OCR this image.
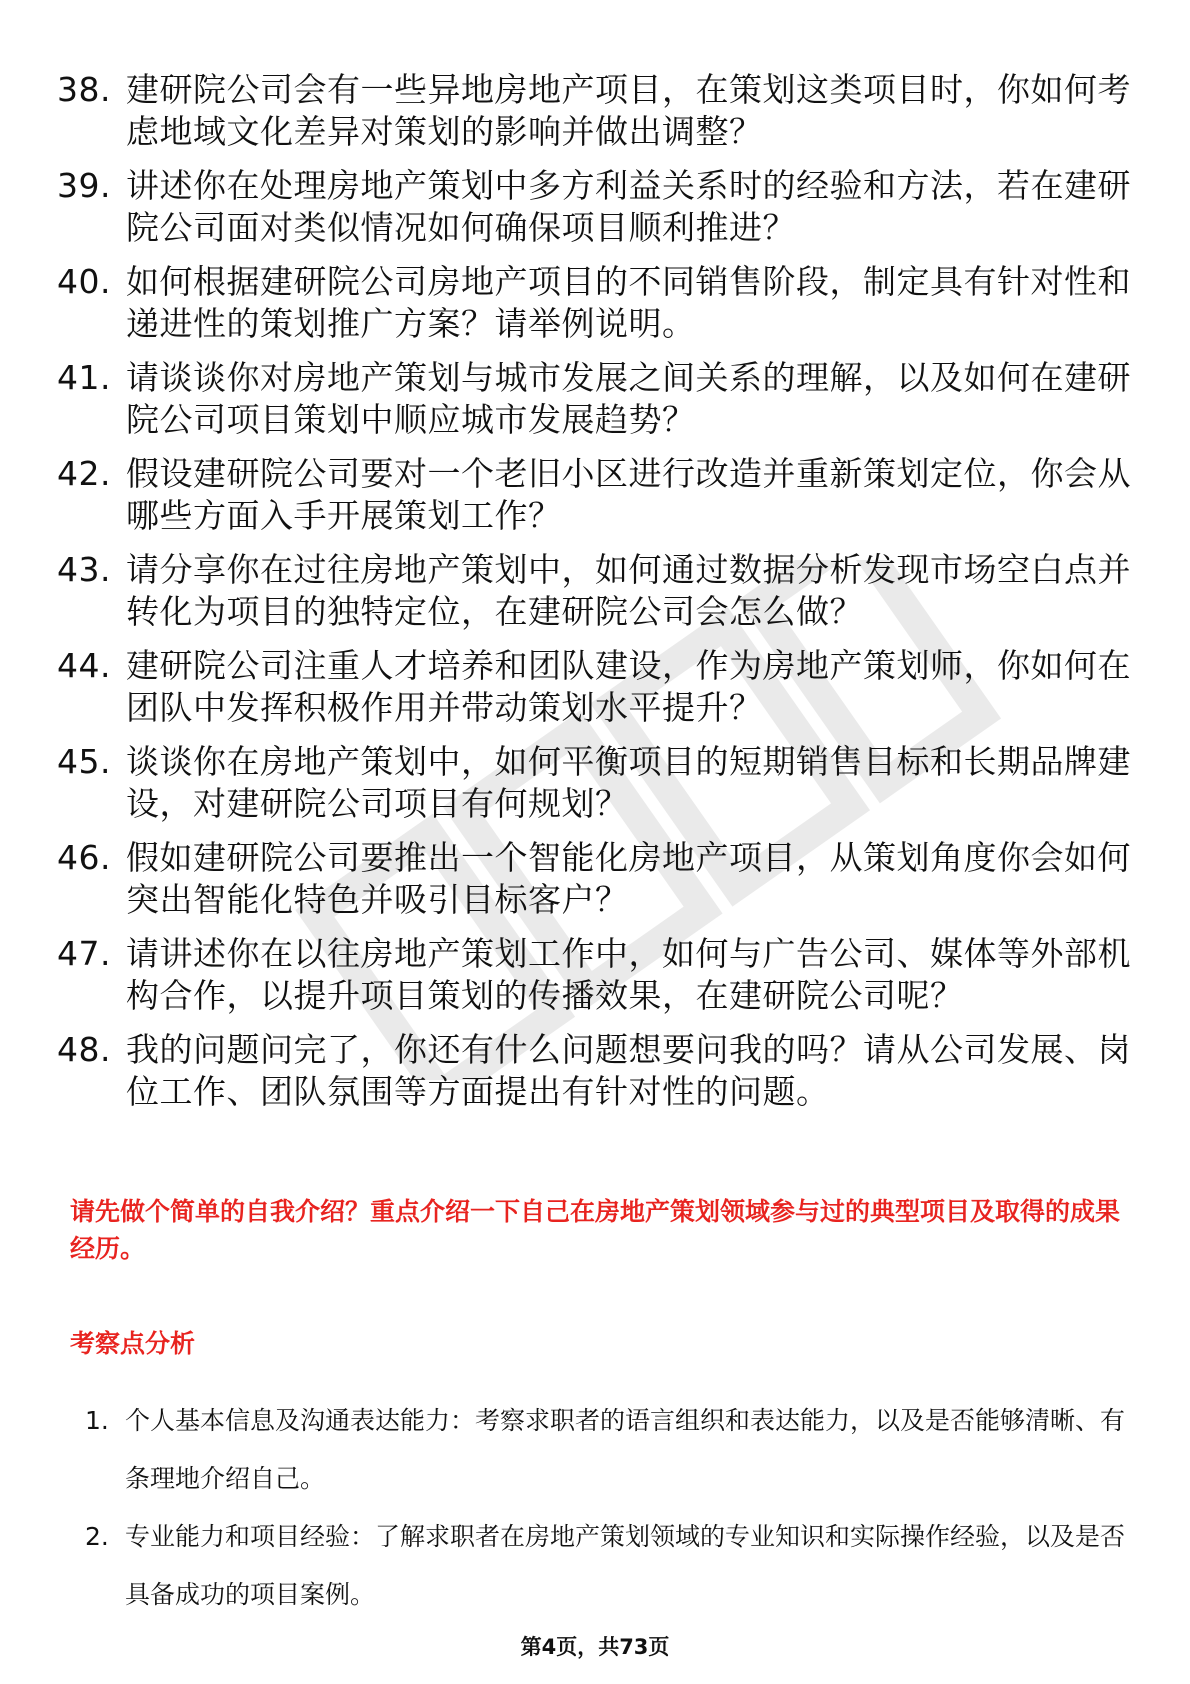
38. 建研院公司会有一些异地房地产项目，在策划这类项目时，你如何考虑地域文化差异对策划的影响并做出调整？
39. 讲述你在处理房地产策划中多方利益关系时的经验和方法，若在建研院公司面对类似情况如何确保项目顺利推进？
40. 如何根据建研院公司房地产项目的不同销售阶段，制定具有针对性和递进性的策划推广方案？请举例说明。
41. 请谈谈你对房地产策划与城市发展之间关系的理解，以及如何在建研院公司项目策划中顺应城市发展趋势？
42. 假设建研院公司要对一个老旧小区进行改造并重新策划定位，你会从哪些方面入手开展策划工作？
43. 请分享你在过往房地产策划中，如何通过数据分析发现市场空白点并转化为项目的独特定位，在建研院公司会怎么做？
44. 建研院公司注重人才培养和团队建设，作为房地产策划师，你如何在团队中发挥积极作用并带动策划水平提升？
45. 谈谈你在房地产策划中，如何平衡项目的短期销售目标和长期品牌建设，对建研院公司项目有何规划？
46. 假如建研院公司要推出一个智能化房地产项目，从策划角度你会如何突出智能化特色并吸引目标客户？
47. 请讲述你在以往房地产策划工作中，如何与广告公司、媒体等外部机构合作，以提升项目策划的传播效果，在建研院公司呢？
48. 我的问题问完了，你还有什么问题想要问我的吗？请从公司发展、岗位工作、团队氛围等方面提出有针对性的问题。
请先做个简单的自我介绍？重点介绍一下自己在房地产策划领域参与过的典型项目及取得的成果经历。
考察点分析
1. 个人基本信息及沟通表达能力：考察求职者的语言组织和表达能力，以及是否能够清晰、有条理地介绍自己。
2. 专业能力和项目经验：了解求职者在房地产策划领域的专业知识和实际操作经验，以及是否具备成功的项目案例。
第4页，共73页
